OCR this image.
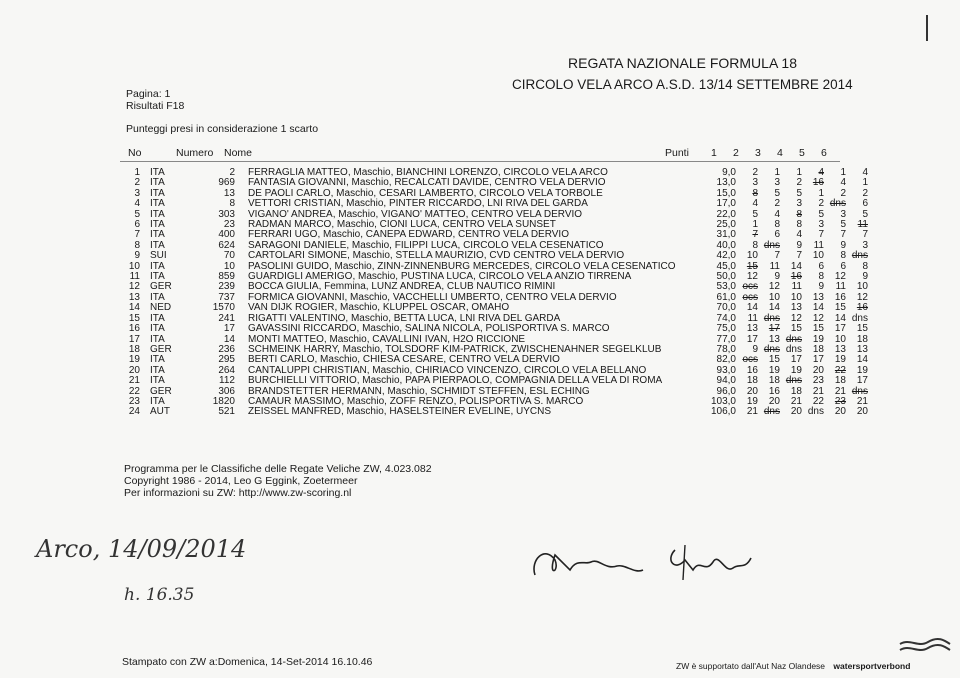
REGATA NAZIONALE FORMULA 18
CIRCOLO VELA ARCO A.S.D. 13/14 SETTEMBRE 2014
Pagina: 1
Risultati F18
Punteggi presi in considerazione 1 scarto
No	Numero Nome	Punti 1 2 3 4 5 6
1	ITA	2	FERRAGLIA MATTEO, Maschio, BIANCHINI LORENZO, CIRCOLO VELA ARCO	9,0	2	1	1	4	1	4
2	ITA	969	FANTASIA GIOVANNI, Maschio, RECALCATI DAVIDE, CENTRO VELA DERVIO	13,0	3	3	2	16	4	1
3	ITA	13	DE PAOLI CARLO, Maschio, CESARI LAMBERTO, CIRCOLO VELA TORBOLE	15,0	8	5	5	1	2	2
4	ITA	8	VETTORI CRISTIAN, Maschio, PINTER RICCARDO, LNI RIVA DEL GARDA	17,0	4	2	3	2	dns	6
5	ITA	303	VIGANO' ANDREA, Maschio, VIGANO' MATTEO, CENTRO VELA DERVIO	22,0	5	4	8	5	3	5
6	ITA	23	RADMAN MARCO, Maschio, CIONI LUCA, CENTRO VELA SUNSET	25,0	1	8	8	3	5	11
7	ITA	400	FERRARI UGO, Maschio, CANEPA EDWARD, CENTRO VELA DERVIO	31,0	7	6	4	7	7	7
8	ITA	624	SARAGONI DANIELE, Maschio, FILIPPI LUCA, CIRCOLO VELA CESENATICO	40,0	8	dns	9	11	9	3
9	SUI	70	CARTOLARI SIMONE, Maschio, STELLA MAURIZIO, CVD CENTRO VELA DERVIO	42,0	10	7	7	10	8	dns
10	ITA	10	PASOLINI GUIDO, Maschio, ZINN-ZINNENBURG MERCEDES, CIRCOLO VELA CESENATICO	45,0	15	11	14	6	6	8
11	ITA	859	GUARDIGLI AMERIGO, Maschio, PUSTINA LUCA, CIRCOLO VELA ANZIO TIRRENA	50,0	12	9	16	8	12	9
12	GER	239	BOCCA GIULIA, Femmina, LUNZ ANDREA, CLUB NAUTICO RIMINI	53,0	ocs	12	11	9	11	10
13	ITA	737	FORMICA GIOVANNI, Maschio, VACCHELLI UMBERTO, CENTRO VELA DERVIO	61,0	ocs	10	10	13	16	12
14	NED	1570	VAN DIJK ROGIER, Maschio, KLUPPEL OSCAR, OMAHO	70,0	14	14	13	14	15	16
15	ITA	241	RIGATTI VALENTINO, Maschio, BETTA LUCA, LNI RIVA DEL GARDA	74,0	11	dns	12	12	14	dns
16	ITA	17	GAVASSINI RICCARDO, Maschio, SALINA NICOLA, POLISPORTIVA S. MARCO	75,0	13	17	15	15	17	15
17	ITA	14	MONTI MATTEO, Maschio, CAVALLINI IVAN, H2O RICCIONE	77,0	17	13	dns	19	10	18
18	GER	236	SCHMEINK HARRY, Maschio, TOLSDORF KIM-PATRICK, ZWISCHENAHNER SEGELKLUB	78,0	9	dns	dns	18	13	13
19	ITA	295	BERTI CARLO, Maschio, CHIESA CESARE, CENTRO VELA DERVIO	82,0	ocs	15	17	17	19	14
20	ITA	264	CANTALUPPI CHRISTIAN, Maschio, CHIRIACO VINCENZO, CIRCOLO VELA BELLANO	93,0	16	19	19	20	22	19
21	ITA	112	BURCHIELLI VITTORIO, Maschio, PAPA PIERPAOLO, COMPAGNIA DELLA VELA DI ROMA	94,0	18	18	dns	23	18	17
22	GER	306	BRANDSTETTER HERMANN, Maschio, SCHMIDT STEFFEN, ESL ECHING	96,0	20	16	18	21	21	dns
23	ITA	1820	CAMAUR MASSIMO, Maschio, ZOFF RENZO, POLISPORTIVA S. MARCO	103,0	19	20	21	22	23	21
24	AUT	521	ZEISSEL MANFRED, Maschio, HASELSTEINER EVELINE, UYCNS	106,0	21	dns	20	dns	20	20
Programma per le Classifiche delle Regate Veliche ZW, 4.023.082
Copyright 1986 - 2014, Leo G Eggink, Zoetermeer
Per informazioni su ZW: http://www.zw-scoring.nl
Arco, 14/09/2014
h. 16.35
Stampato con ZW a:Domenica, 14-Set-2014 16.10.46	ZW è supportato dall'Aut Naz Olandese watersportverbond
